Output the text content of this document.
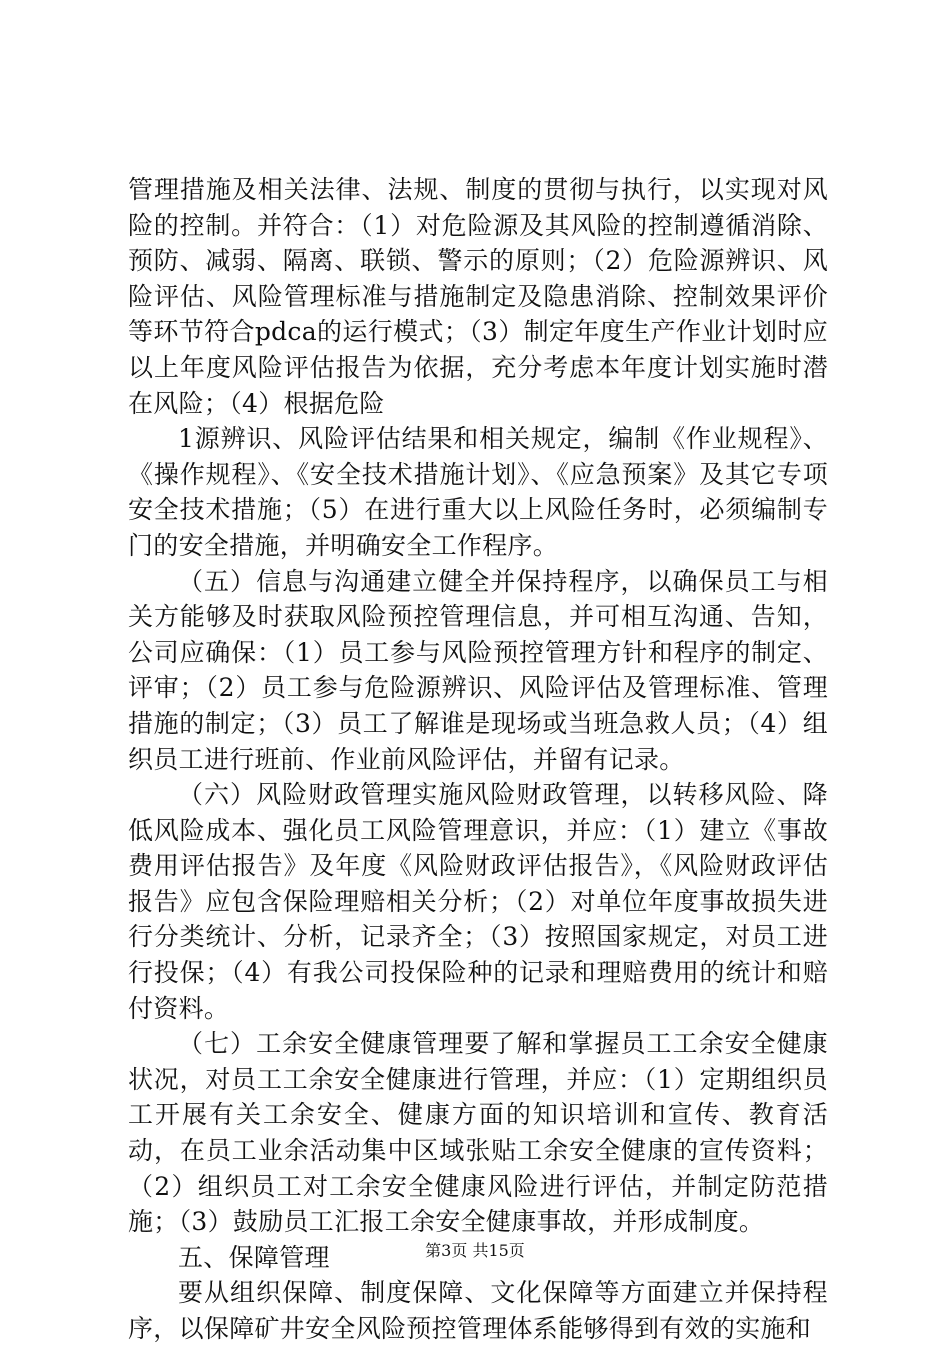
管理措施及相关法律、法规、制度的贯彻与执行，以实现对风险的控制。并符合：（1）对危险源及其风险的控制遵循消除、预防、减弱、隔离、联锁、警示的原则；（2）危险源辨识、风险评估、风险管理标准与措施制定及隐患消除、控制效果评价等环节符合pdca的运行模式；（3）制定年度生产作业计划时应以上年度风险评估报告为依据，充分考虑本年度计划实施时潜在风险；（4）根据危险

1源辨识、风险评估结果和相关规定，编制《作业规程》、《操作规程》、《安全技术措施计划》、《应急预案》及其它专项安全技术措施；（5）在进行重大以上风险任务时，必须编制专门的安全措施，并明确安全工作程序。

（五）信息与沟通建立健全并保持程序，以确保员工与相关方能够及时获取风险预控管理信息，并可相互沟通、告知，公司应确保：（1）员工参与风险预控管理方针和程序的制定、评审；（2）员工参与危险源辨识、风险评估及管理标准、管理措施的制定；（3）员工了解谁是现场或当班急救人员；（4）组织员工进行班前、作业前风险评估，并留有记录。

（六）风险财政管理实施风险财政管理，以转移风险、降低风险成本、强化员工风险管理意识，并应：（1）建立《事故费用评估报告》及年度《风险财政评估报告》，《风险财政评估报告》应包含保险理赔相关分析；（2）对单位年度事故损失进行分类统计、分析，记录齐全；（3）按照国家规定，对员工进行投保；（4）有我公司投保险种的记录和理赔费用的统计和赔付资料。

（七）工余安全健康管理要了解和掌握员工工余安全健康状况，对员工工余安全健康进行管理，并应：（1）定期组织员工开展有关工余安全、健康方面的知识培训和宣传、教育活动，在员工业余活动集中区域张贴工余安全健康的宣传资料；（2）组织员工对工余安全健康风险进行评估，并制定防范措施；（3）鼓励员工汇报工余安全健康事故，并形成制度。

五、保障管理

要从组织保障、制度保障、文化保障等方面建立并保持程序，以保障矿井安全风险预控管理体系能够得到有效的实施和

第3页 共15页
